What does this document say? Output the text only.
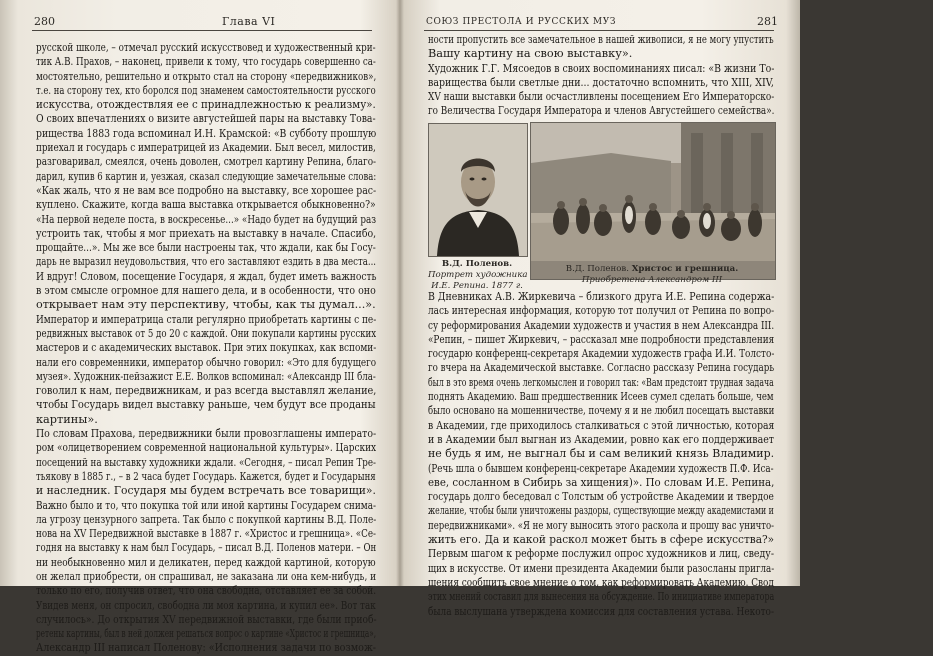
280	Глава VI
русской школе, – отмечал русский искусствовед и художественный кри-
тик А.В. Прахов, – наконец, привели к тому, что государь совершенно са-
мостоятельно, решительно и открыто стал на сторону «передвижников»,
т.е. на сторону тех, кто боролся под знаменем самостоятельности русского
искусства, отождествляя ее с принадлежностью к реализму».
О своих впечатлениях о визите августейшей пары на выставку Това-
рищества 1883 года вспоминал И.Н. Крамской: «В субботу прошлую
приехал и государь с императрицей из Академии. Был весел, милостив,
разговаривал, смеялся, очень доволен, смотрел картину Репина, благо-
дарил, купив 6 картин и, уезжая, сказал следующие замечательные слова:
«Как жаль, что я не вам все подробно на выставку, все хорошее рас-
куплено. Скажите, когда ваша выставка открывается обыкновенно?»
«На первой неделе поста, в воскресенье...» «Надо будет на будущий раз
устроить так, чтобы я мог приехать на выставку в начале. Спасибо,
прощайте...». Мы же все были настроены так, что ждали, как бы Госу-
дарь не выразил неудовольствия, что его заставляют ездить в два места...
И вдруг! Словом, посещение Государя, я ждал, будет иметь важность
в этом смысле огромное для нашего дела, и в особенности, что оно
открывает нам эту перспективу, чтобы, как ты думал...».
Император и императрица стали регулярно приобретать картины с пе-
редвижных выставок от 5 до 20 с каждой. Они покупали картины русских
мастеров и с академических выставок. При этих покупках, как вспоми-
нали его современники, император обычно говорил: «Это для будущего
музея». Художник-пейзажист Е.Е. Волков вспоминал: «Александр III бла-
говолил к нам, передвижникам, и раз всегда выставлял желание,
чтобы Государь видел выставку раньше, чем будут все проданы
картины».
По словам Прахова, передвижники были провозглашены императо-
ром «олицетворением современной национальной культуры». Царских
посещений на выставку художники ждали. «Сегодня, – писал Репин Тре-
тьякову в 1885 г., – в 2 часа будет Государь. Кажется, будет и Государыня
и наследник. Государя мы будем встречать все товарищи».
Важно было и то, что покупка той или иной картины Государем снима-
ла угрозу цензурного запрета. Так было с покупкой картины В.Д. Поле-
нова на XV Передвижной выставке в 1887 г. «Христос и грешница». «Се-
годня на выставку к нам был Государь, – писал В.Д. Поленов матери. – Он
ни необыкновенно мил и деликатен, перед каждой картиной, которую
он желал приобрести, он спрашивал, не заказана ли она кем-нибудь, и
только по его, получив ответ, что она свободна, отставляет ее за собой.
Увидев меня, он спросил, свободна ли моя картина, и купил ее». Вот так
случилось». До открытия XV передвижной выставки, где были приоб-
ретены картины, был в ней должен решаться вопрос о картине «Христос и грешница»,
Александр III написал Поленову: «Исполнения задачи по возмож-
СОЮЗ ПРЕСТОЛА И РУССКИХ МУЗ	281
ности пропустить все замечательное в нашей живописи, я не могу упустить
Вашу картину на свою выставку».
Художник Г.Г. Мясоедов в своих воспоминаниях писал: «В жизни То-
варищества были светлые дни... достаточно вспомнить, что XIII, XIV,
XV наши выставки были осчастливлены посещением Его Императорско-
го Величества Государя Императора и членов Августейшего семейства».
В.Д. Поленов.
Портрет художника
И.Е. Репина. 1877 г.
В.Д. Поленов. Христос и грешница.
Приобретена Александром III
В Дневниках А.В. Жиркевича – близкого друга И.Е. Репина содержа-
лась интересная информация, которую тот получил от Репина по вопро-
су реформирования Академии художеств и участия в нем Александра III.
«Репин, – пишет Жиркевич, – рассказал мне подробности представления
государю конференц-секретаря Академии художеств графа И.И. Толсто-
го вчера на Академической выставке. Согласно рассказу Репина государь
был в это время очень легкомыслен и говорил так: «Вам предстоит трудная задача
поднять Академию. Ваш предшественник Исеев сумел сделать больше, чем
было основано на мошенничестве, почему я и не любил посещать выставки
в Академии, где приходилось сталкиваться с этой личностью, которая
и в Академии был выгнан из Академии, ровно как его поддерживает
не будь я им, не выгнал бы и сам великий князь Владимир.
(Речь шла о бывшем конференц-секретаре Академии художеств П.Ф. Иса-
еве, сосланном в Сибирь за хищения)». По словам И.Е. Репина,
государь долго беседовал с Толстым об устройстве Академии и твердое
желание, чтобы были уничтожены раздоры, существующие между академистами и
передвижниками». «Я не могу выносить этого раскола и прошу вас уничто-
жить его. Да и какой раскол может быть в сфере искусства?»
Первым шагом к реформе послужил опрос художников и лиц, сведу-
щих в искусстве. От имени президента Академии были разосланы пригла-
шения сообщить свое мнение о том, как реформировать Академию. Свод
этих мнений составил для вынесения на обсуждение. По инициативе императора
была выслушана утверждена комиссия для составления устава. Некото-
